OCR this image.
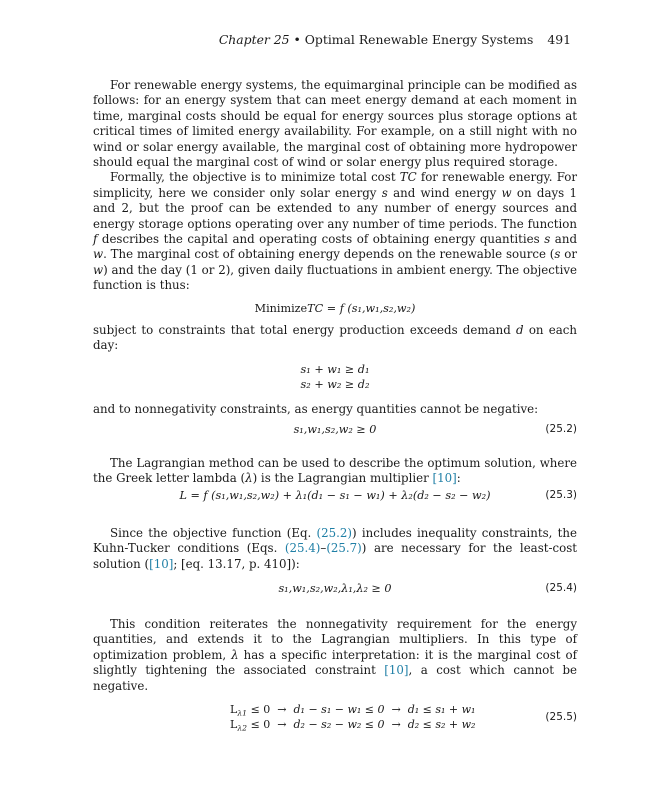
Chapter 25 • Optimal Renewable Energy Systems 491

For renewable energy systems, the equimarginal principle can be modified as follows: for an energy system that can meet energy demand at each moment in time, marginal costs should be equal for energy sources plus storage options at critical times of limited energy availability. For example, on a still night with no wind or solar energy available, the marginal cost of obtaining more hydropower should equal the marginal cost of wind or solar energy plus required storage.

Formally, the objective is to minimize total cost TC for renewable energy. For simplicity, here we consider only solar energy s and wind energy w on days 1 and 2, but the proof can be extended to any number of energy sources and energy storage options operating over any number of time periods. The function f describes the capital and operating costs of obtaining energy quantities s and w. The marginal cost of obtaining energy depends on the renewable source (s or w) and the day (1 or 2), given daily fluctuations in ambient energy. The objective function is thus:

MinimizeTC = f (s₁,w₁,s₂,w₂)

subject to constraints that total energy production exceeds demand d on each day:

s₁ + w₁ ≥ d₁
s₂ + w₂ ≥ d₂

and to nonnegativity constraints, as energy quantities cannot be negative:

s₁,w₁,s₂,w₂ ≥ 0	(25.2)

The Lagrangian method can be used to describe the optimum solution, where the Greek letter lambda (λ) is the Lagrangian multiplier [10]:

L = f (s₁,w₁,s₂,w₂) + λ₁(d₁ − s₁ − w₁) + λ₂(d₂ − s₂ − w₂)	(25.3)

Since the objective function (Eq. (25.2)) includes inequality constraints, the Kuhn-Tucker conditions (Eqs. (25.4)–(25.7)) are necessary for the least-cost solution ([10]; [eq. 13.17, p. 410]):

s₁,w₁,s₂,w₂,λ₁,λ₂ ≥ 0	(25.4)

This condition reiterates the nonnegativity requirement for the energy quantities, and extends it to the Lagrangian multipliers. In this type of optimization problem, λ has a specific interpretation: it is the marginal cost of slightly tightening the associated constraint [10], a cost which cannot be negative.

$L_{\lambda 1} \le 0 \to d_1 - s_1 - w_1 \le 0 \to d_1 \le s_1 + w_1$
$L_{\lambda 2} \le 0 \to d_2 - s_2 - w_2 \le 0 \to d_2 \le s_2 + w_2$
(25.5)
